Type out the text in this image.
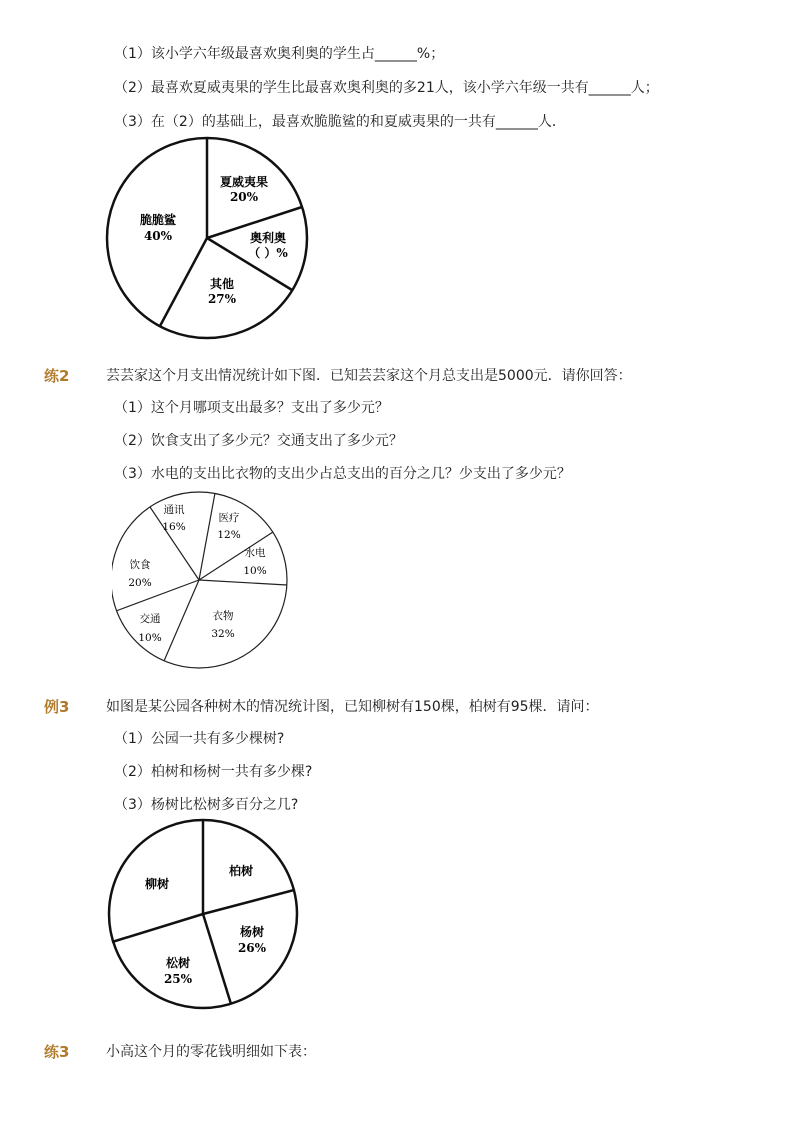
（1）该小学六年级最喜欢奥利奥的学生占______%；
（2）最喜欢夏威夷果的学生比最喜欢奥利奥的多21人，该小学六年级一共有______人；
（3）在（2）的基础上，最喜欢脆脆鲨的和夏威夷果的一共有______人．
夏威夷果
20%
奥利奥
（ ）%
其他
27%
脆脆鲨
40%
练2	芸芸家这个月支出情况统计如下图．已知芸芸家这个月总支出是5000元．请你回答：
（1）这个月哪项支出最多？支出了多少元？
（2）饮食支出了多少元？交通支出了多少元？
（3）水电的支出比衣物的支出少占总支出的百分之几？少支出了多少元？
通讯
16%
医疗
12%
水电
10%
衣物
32%
交通
10%
饮食
20%
例3	如图是某公园各种树木的情况统计图，已知柳树有150棵，柏树有95棵．请问：
（1）公园一共有多少棵树?
（2）柏树和杨树一共有多少棵?
（3）杨树比松树多百分之几?
柏树
杨树
26%
松树
25%
柳树
练3	小高这个月的零花钱明细如下表：
